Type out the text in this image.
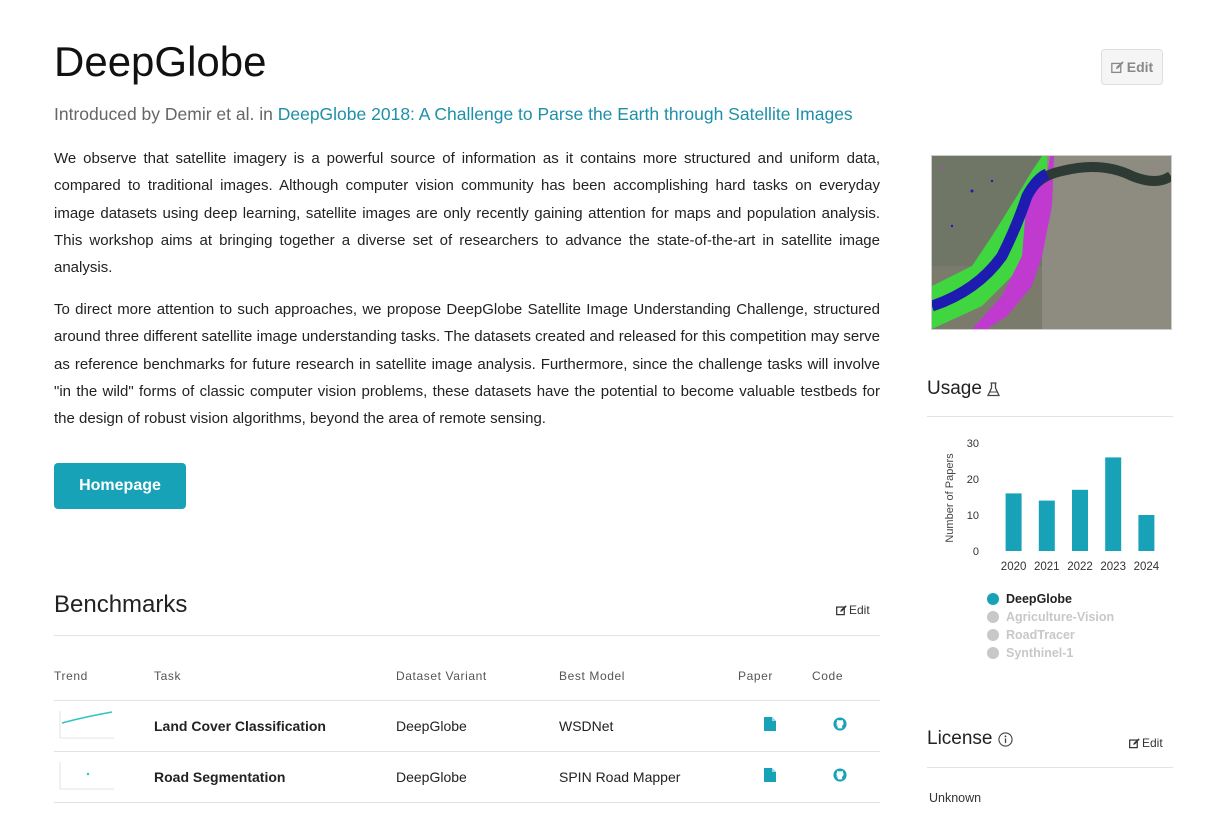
DeepGlobe	Edit
Introduced by Demir et al. in DeepGlobe 2018: A Challenge to Parse the Earth through Satellite Images

We observe that satellite imagery is a powerful source of information as it contains more structured and uniform data, compared to traditional images. Although computer vision community has been accomplishing hard tasks on everyday image datasets using deep learning, satellite images are only recently gaining attention for maps and population analysis. This workshop aims at bringing together a diverse set of researchers to advance the state-of-the-art in satellite image analysis.

To direct more attention to such approaches, we propose DeepGlobe Satellite Image Understanding Challenge, structured around three different satellite image understanding tasks. The datasets created and released for this competition may serve as reference benchmarks for future research in satellite image analysis. Furthermore, since the challenge tasks will involve "in the wild" forms of classic computer vision problems, these datasets have the potential to become valuable testbeds for the design of robust vision algorithms, beyond the area of remote sensing.

Homepage
Benchmarks	Edit
Trend	Task	Dataset Variant	Best Model	Paper	Code
Land Cover Classification	DeepGlobe	WSDNet
Road Segmentation	DeepGlobe	SPIN Road Mapper
Usage
Number of Papers
0
10
20
30
2020 2021 2022 2023 2024
DeepGlobe
Agriculture-Vision
RoadTracer
Synthinel-1
License	Edit
Unknown
